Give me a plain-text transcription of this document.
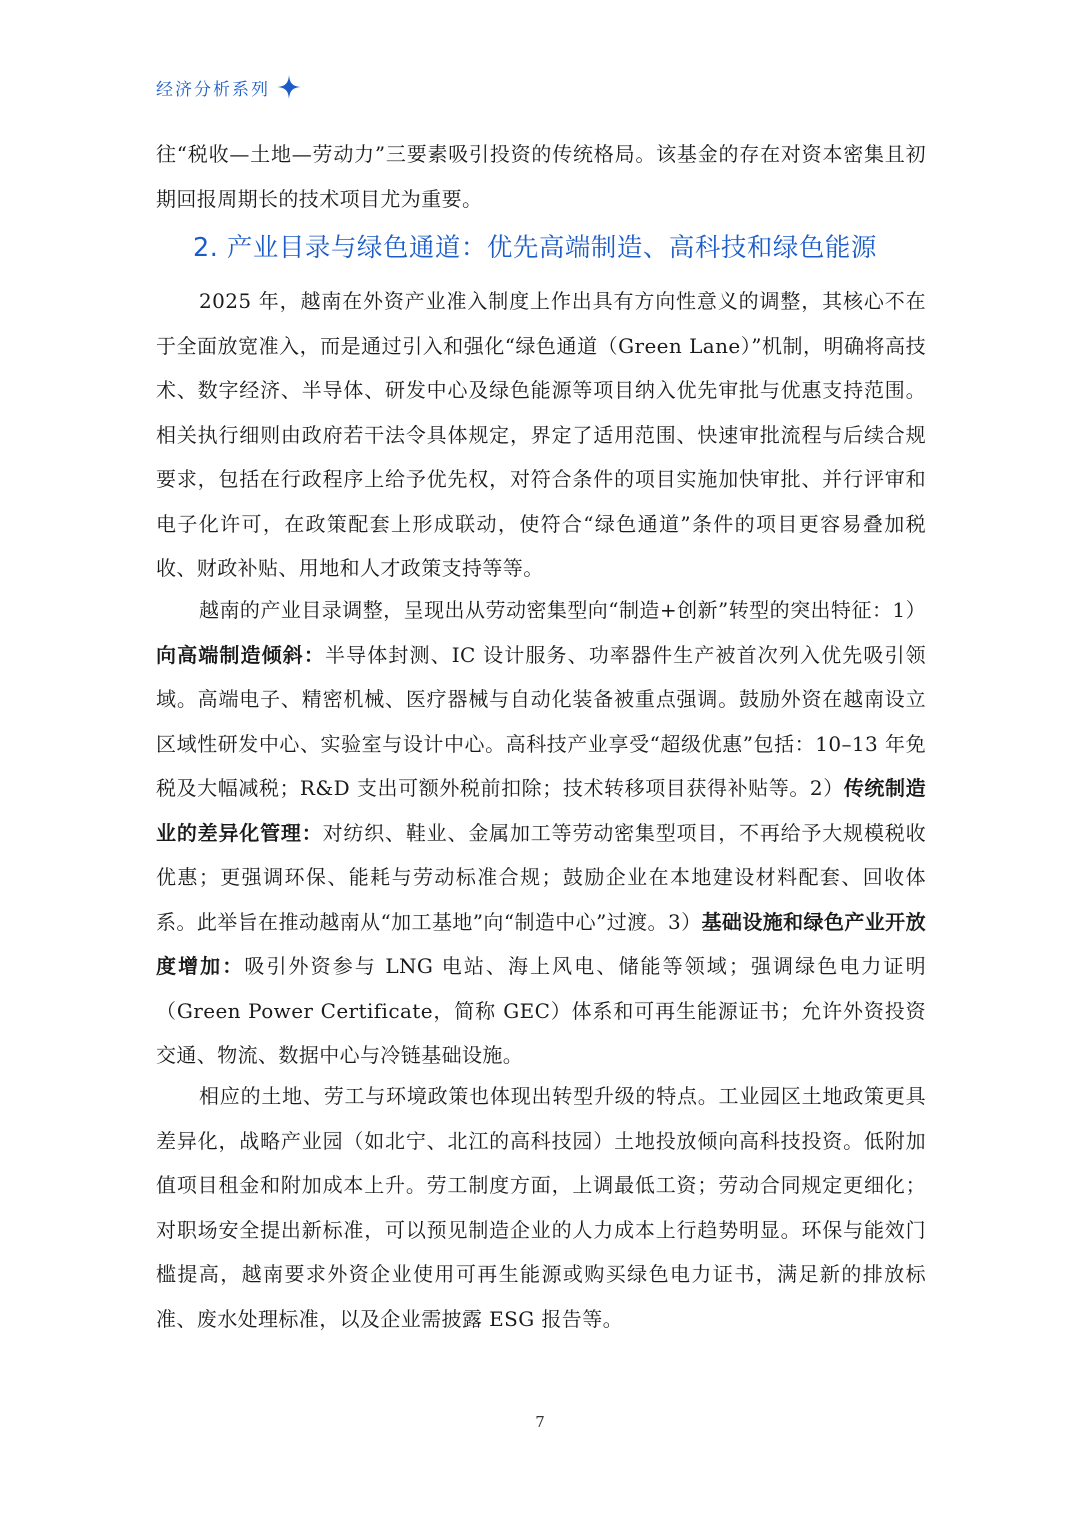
经济分析系列

往“税收—土地—劳动力”三要素吸引投资的传统格局。该基金的存在对资本密集且初期回报周期长的技术项目尤为重要。

2. 产业目录与绿色通道：优先高端制造、高科技和绿色能源

2025 年，越南在外资产业准入制度上作出具有方向性意义的调整，其核心不在于全面放宽准入，而是通过引入和强化“绿色通道（Green Lane）”机制，明确将高技术、数字经济、半导体、研发中心及绿色能源等项目纳入优先审批与优惠支持范围。相关执行细则由政府若干法令具体规定，界定了适用范围、快速审批流程与后续合规要求，包括在行政程序上给予优先权，对符合条件的项目实施加快审批、并行评审和电子化许可，在政策配套上形成联动，使符合“绿色通道”条件的项目更容易叠加税收、财政补贴、用地和人才政策支持等等。

越南的产业目录调整，呈现出从劳动密集型向“制造+创新”转型的突出特征：1）向高端制造倾斜：半导体封测、IC 设计服务、功率器件生产被首次列入优先吸引领域。高端电子、精密机械、医疗器械与自动化装备被重点强调。鼓励外资在越南设立区域性研发中心、实验室与设计中心。高科技产业享受“超级优惠”包括：10–13 年免税及大幅减税；R&D 支出可额外税前扣除；技术转移项目获得补贴等。2）传统制造业的差异化管理：对纺织、鞋业、金属加工等劳动密集型项目，不再给予大规模税收优惠；更强调环保、能耗与劳动标准合规；鼓励企业在本地建设材料配套、回收体系。此举旨在推动越南从“加工基地”向“制造中心”过渡。3）基础设施和绿色产业开放度增加：吸引外资参与 LNG 电站、海上风电、储能等领域；强调绿色电力证明（Green Power Certificate，简称 GEC）体系和可再生能源证书；允许外资投资交通、物流、数据中心与冷链基础设施。

相应的土地、劳工与环境政策也体现出转型升级的特点。工业园区土地政策更具差异化，战略产业园（如北宁、北江的高科技园）土地投放倾向高科技投资。低附加值项目租金和附加成本上升。劳工制度方面，上调最低工资；劳动合同规定更细化；对职场安全提出新标准，可以预见制造企业的人力成本上行趋势明显。环保与能效门槛提高，越南要求外资企业使用可再生能源或购买绿色电力证书，满足新的排放标准、废水处理标准，以及企业需披露 ESG 报告等。

7
